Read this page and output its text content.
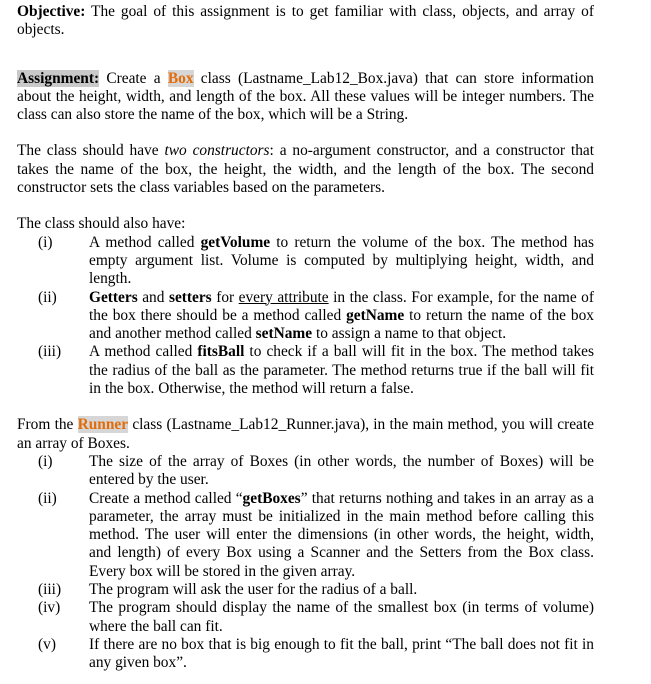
Objective: The goal of this assignment is to get familiar with class, objects, and array of objects.

Assignment: Create a Box class (Lastname_Lab12_Box.java) that can store information about the height, width, and length of the box. All these values will be integer numbers. The class can also store the name of the box, which will be a String.

The class should have two constructors: a no-argument constructor, and a constructor that takes the name of the box, the height, the width, and the length of the box. The second constructor sets the class variables based on the parameters.

The class should also have:

(i) A method called getVolume to return the volume of the box. The method has empty argument list. Volume is computed by multiplying height, width, and length.
(ii) Getters and setters for every attribute in the class. For example, for the name of the box there should be a method called getName to return the name of the box and another method called setName to assign a name to that object.
(iii) A method called fitsBall to check if a ball will fit in the box. The method takes the radius of the ball as the parameter. The method returns true if the ball will fit in the box. Otherwise, the method will return a false.

From the Runner class (Lastname_Lab12_Runner.java), in the main method, you will create an array of Boxes.

(i) The size of the array of Boxes (in other words, the number of Boxes) will be entered by the user.
(ii) Create a method called “getBoxes” that returns nothing and takes in an array as a parameter, the array must be initialized in the main method before calling this method. The user will enter the dimensions (in other words, the height, width, and length) of every Box using a Scanner and the Setters from the Box class. Every box will be stored in the given array.
(iii) The program will ask the user for the radius of a ball.
(iv) The program should display the name of the smallest box (in terms of volume) where the ball can fit.
(v) If there are no box that is big enough to fit the ball, print “The ball does not fit in any given box”.
